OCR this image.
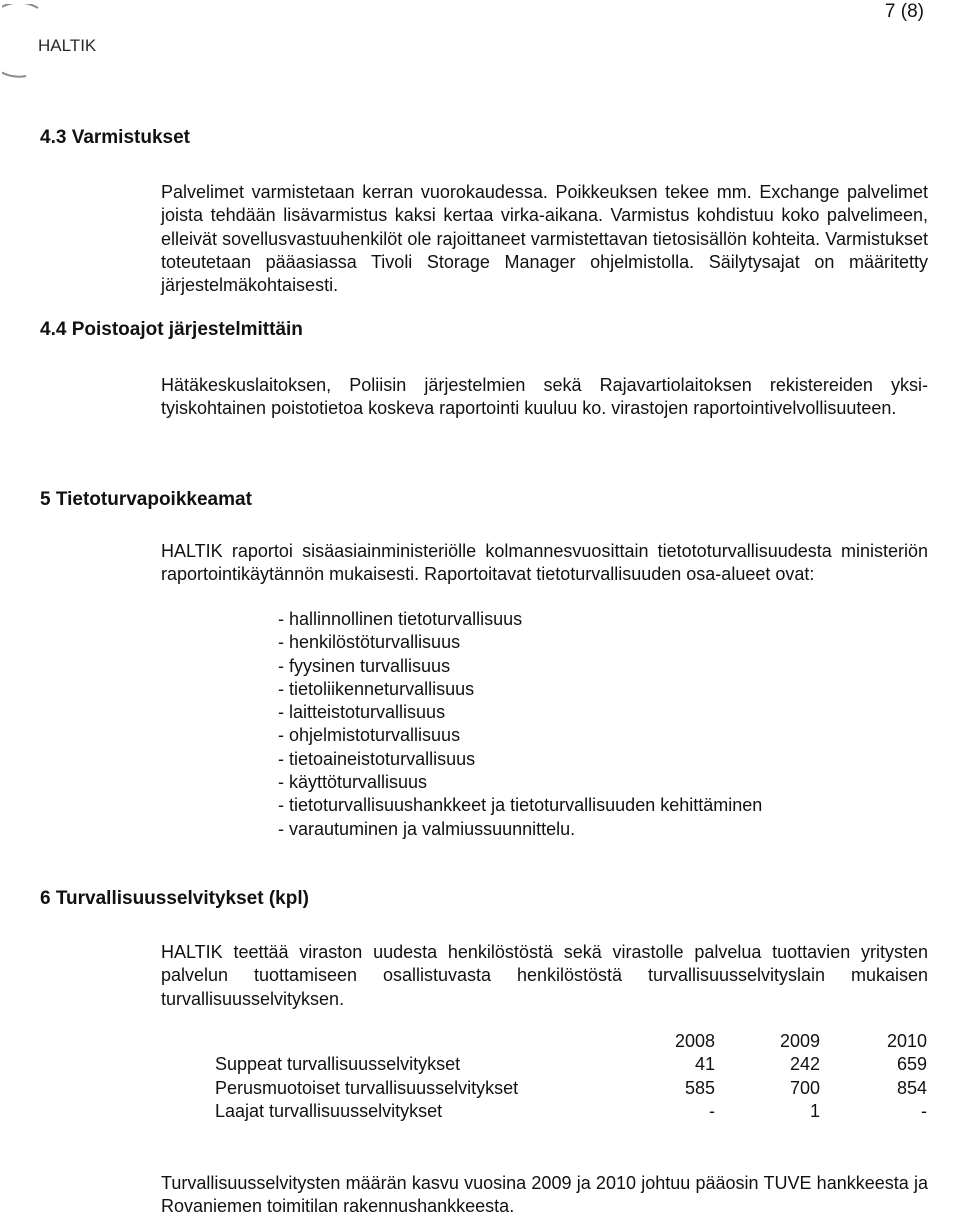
HALTIK
7 (8)
4.3 Varmistukset

Palvelimet varmistetaan kerran vuorokaudessa. Poikkeuksen tekee mm. Exchange palvelimet joista tehdään lisävarmistus kaksi kertaa virka-aikana. Varmistus kohdistuu koko palvelimeen, elleivät sovellusvastuuhenkilöt ole rajoittaneet varmistettavan tietosisällön kohteita. Varmistukset toteutetaan pääasiassa Tivoli Storage Manager ohjelmistolla. Säilytysajat on määritetty järjestelmäkohtaisesti.

4.4 Poistoajot järjestelmittäin

Hätäkeskuslaitoksen, Poliisin järjestelmien sekä Rajavartiolaitoksen rekistereiden yksityiskohtainen poistotietoa koskeva raportointi kuuluu ko. virastojen raportointivelvollisuuteen.

5 Tietoturvapoikkeamat

HALTIK raportoi sisäasiainministeriölle kolmannesvuosittain tietototurvallisuudesta ministeriön raportointikäytännön mukaisesti. Raportoitavat tietoturvallisuuden osa-alueet ovat:

- hallinnollinen tietoturvallisuus
- henkilöstöturvallisuus
- fyysinen turvallisuus
- tietoliikenneturvallisuus
- laitteistoturvallisuus
- ohjelmistoturvallisuus
- tietoaineistoturvallisuus
- käyttöturvallisuus
- tietoturvallisuushankkeet ja tietoturvallisuuden kehittäminen
- varautuminen ja valmiussuunnittelu.
6 Turvallisuusselvitykset (kpl)

HALTIK teettää viraston uudesta henkilöstöstä sekä virastolle palvelua tuottavien yritysten palvelun tuottamiseen osallistuvasta henkilöstöstä turvallisuusselvityslain mukaisen turvallisuusselvityksen.

	2008	2009	2010
Suppeat turvallisuusselvitykset	41	242	659
Perusmuotoiset turvallisuusselvitykset	585	700	854
Laajat turvallisuusselvitykset	-	1	-

Turvallisuusselvitysten määrän kasvu vuosina 2009 ja 2010 johtuu pääosin TUVE hankkeesta ja Rovaniemen toimitilan rakennushankkeesta.
